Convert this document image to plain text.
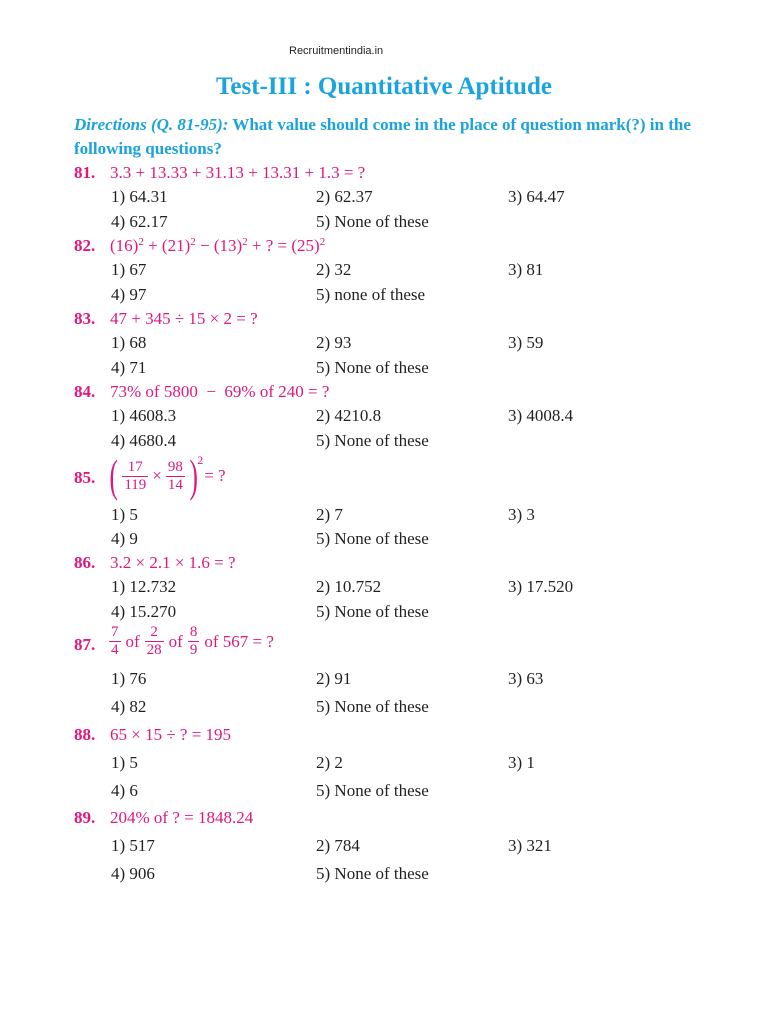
Recruitmentindia.in
Test-III : Quantitative Aptitude
Directions (Q. 81-95): What value should come in the place of question mark(?) in the following questions?
81. 3.3 + 13.33 + 31.13 + 13.31 + 1.3 = ?
1) 64.31	2) 62.37	3) 64.47
4) 62.17	5) None of these
82. $(16)^2 + (21)^2 - (13)^2$ + ? = $(25)^2$
1) 67	2) 32	3) 81
4) 97	5) none of these
83. 47 + 345 ÷ 15 × 2 = ?
1) 68	2) 93	3) 59
4) 71	5) None of these
84. 73% of 5800  −  69% of 240 = ?
1) 4608.3	2) 4210.8	3) 4008.4
4) 4680.4	5) None of these
85. ( $\frac{17}{119} \times \frac{98}{14} )^2$
= ?
1) 5	2) 7	3) 3
4) 9	5) None of these
86. 3.2 × 2.1 × 1.6 = ?
1) 12.732	2) 10.752	3) 17.520
4) 15.270	5) None of these
87. $\frac{7}{4}$ of $\frac{2}{28}$ of $\frac{8}{9}$ of 567 = ?
1) 76	2) 91	3) 63
4) 82	5) None of these
88. 65 × 15 ÷ ? = 195
1) 5	2) 2	3) 1
4) 6	5) None of these
89. 204% of ? = 1848.24
1) 517	2) 784	3) 321
4) 906	5) None of these
